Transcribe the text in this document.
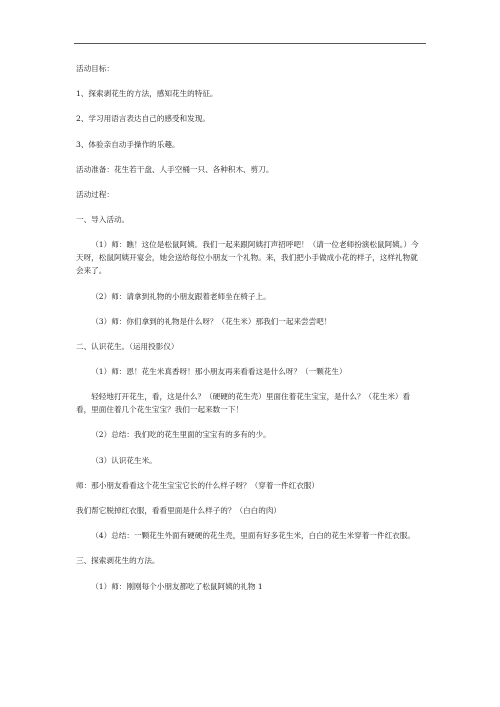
活动目标：

1、探索剥花生的方法，感知花生的特征。

2、学习用语言表达自己的感受和发现。

3、体验亲自动手操作的乐趣。

活动准备：花生若干盘、人手空桶一只、各种积木、剪刀。

活动过程：

一、导入活动。

（1）师：瞧！这位是松鼠阿姨。我们一起来跟阿姨打声招呼吧！（请一位老师扮演松鼠阿姨。）今天呀，松鼠阿姨开宴会，她会送给每位小朋友一个礼物。来，我们把小手做成小花的样子，这样礼物就会来了。

（2）师：请拿到礼物的小朋友跟着老师坐在椅子上。

（3）师：你们拿到的礼物是什么呀？（花生米）那我们一起来尝尝吧！

二、认识花生。（运用投影仪）

（1）师：恩！花生米真香呀！那小朋友再来看看这是什么呀？（一颗花生）

轻轻地打开花生，看，这是什么？（硬硬的花生壳）里面住着花生宝宝，是什么？（花生米）看看，里面住着几个花生宝宝？我们一起来数一下！

（2）总结：我们吃的花生里面的宝宝有的多有的少。

（3）认识花生米。

师：那小朋友看看这个花生宝宝它长的什么样子呀？（穿着一件红衣服）

我们帮它脱掉红衣服，看看里面是什么样子的？（白白的肉）

（4）总结：一颗花生外面有硬硬的花生壳，里面有好多花生米，白白的花生米穿着一件红衣服。

三、探索剥花生的方法。

（1）师：刚刚每个小朋友都吃了松鼠阿姨的礼物 1
